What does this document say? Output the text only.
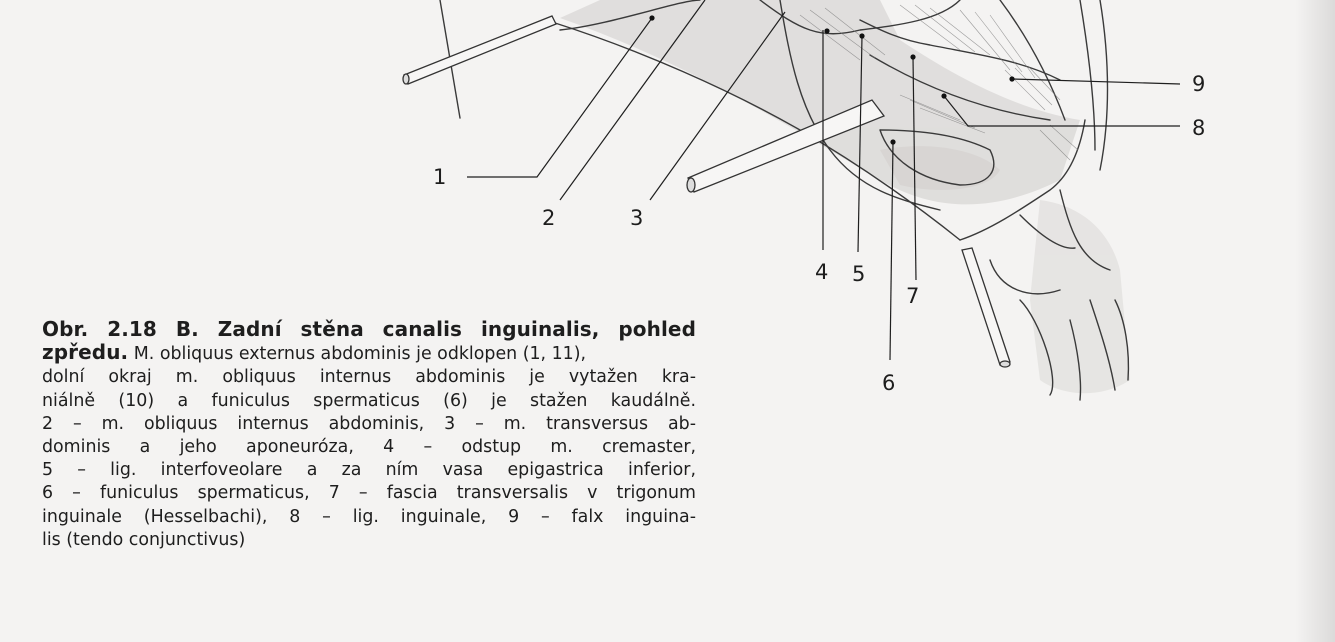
1
2	3
4 5
6
7
8
9

Obr. 2.18 B. Zadní stěna canalis inguinalis, pohled
zpředu. M. obliquus externus abdominis je odklopen (1, 11),
dolní okraj m. obliquus internus abdominis je vytažen kra-
niálně (10) a funiculus spermaticus (6) je stažen kaudálně.
2 – m. obliquus internus abdominis, 3 – m. transversus ab-
dominis a jeho aponeuróza, 4 – odstup m. cremaster,
5 – lig. interfoveolare a za ním vasa epigastrica inferior,
6 – funiculus spermaticus, 7 – fascia transversalis v trigonum
inguinale (Hesselbachi), 8 – lig. inguinale, 9 – falx inguina-
lis (tendo conjunctivus)
